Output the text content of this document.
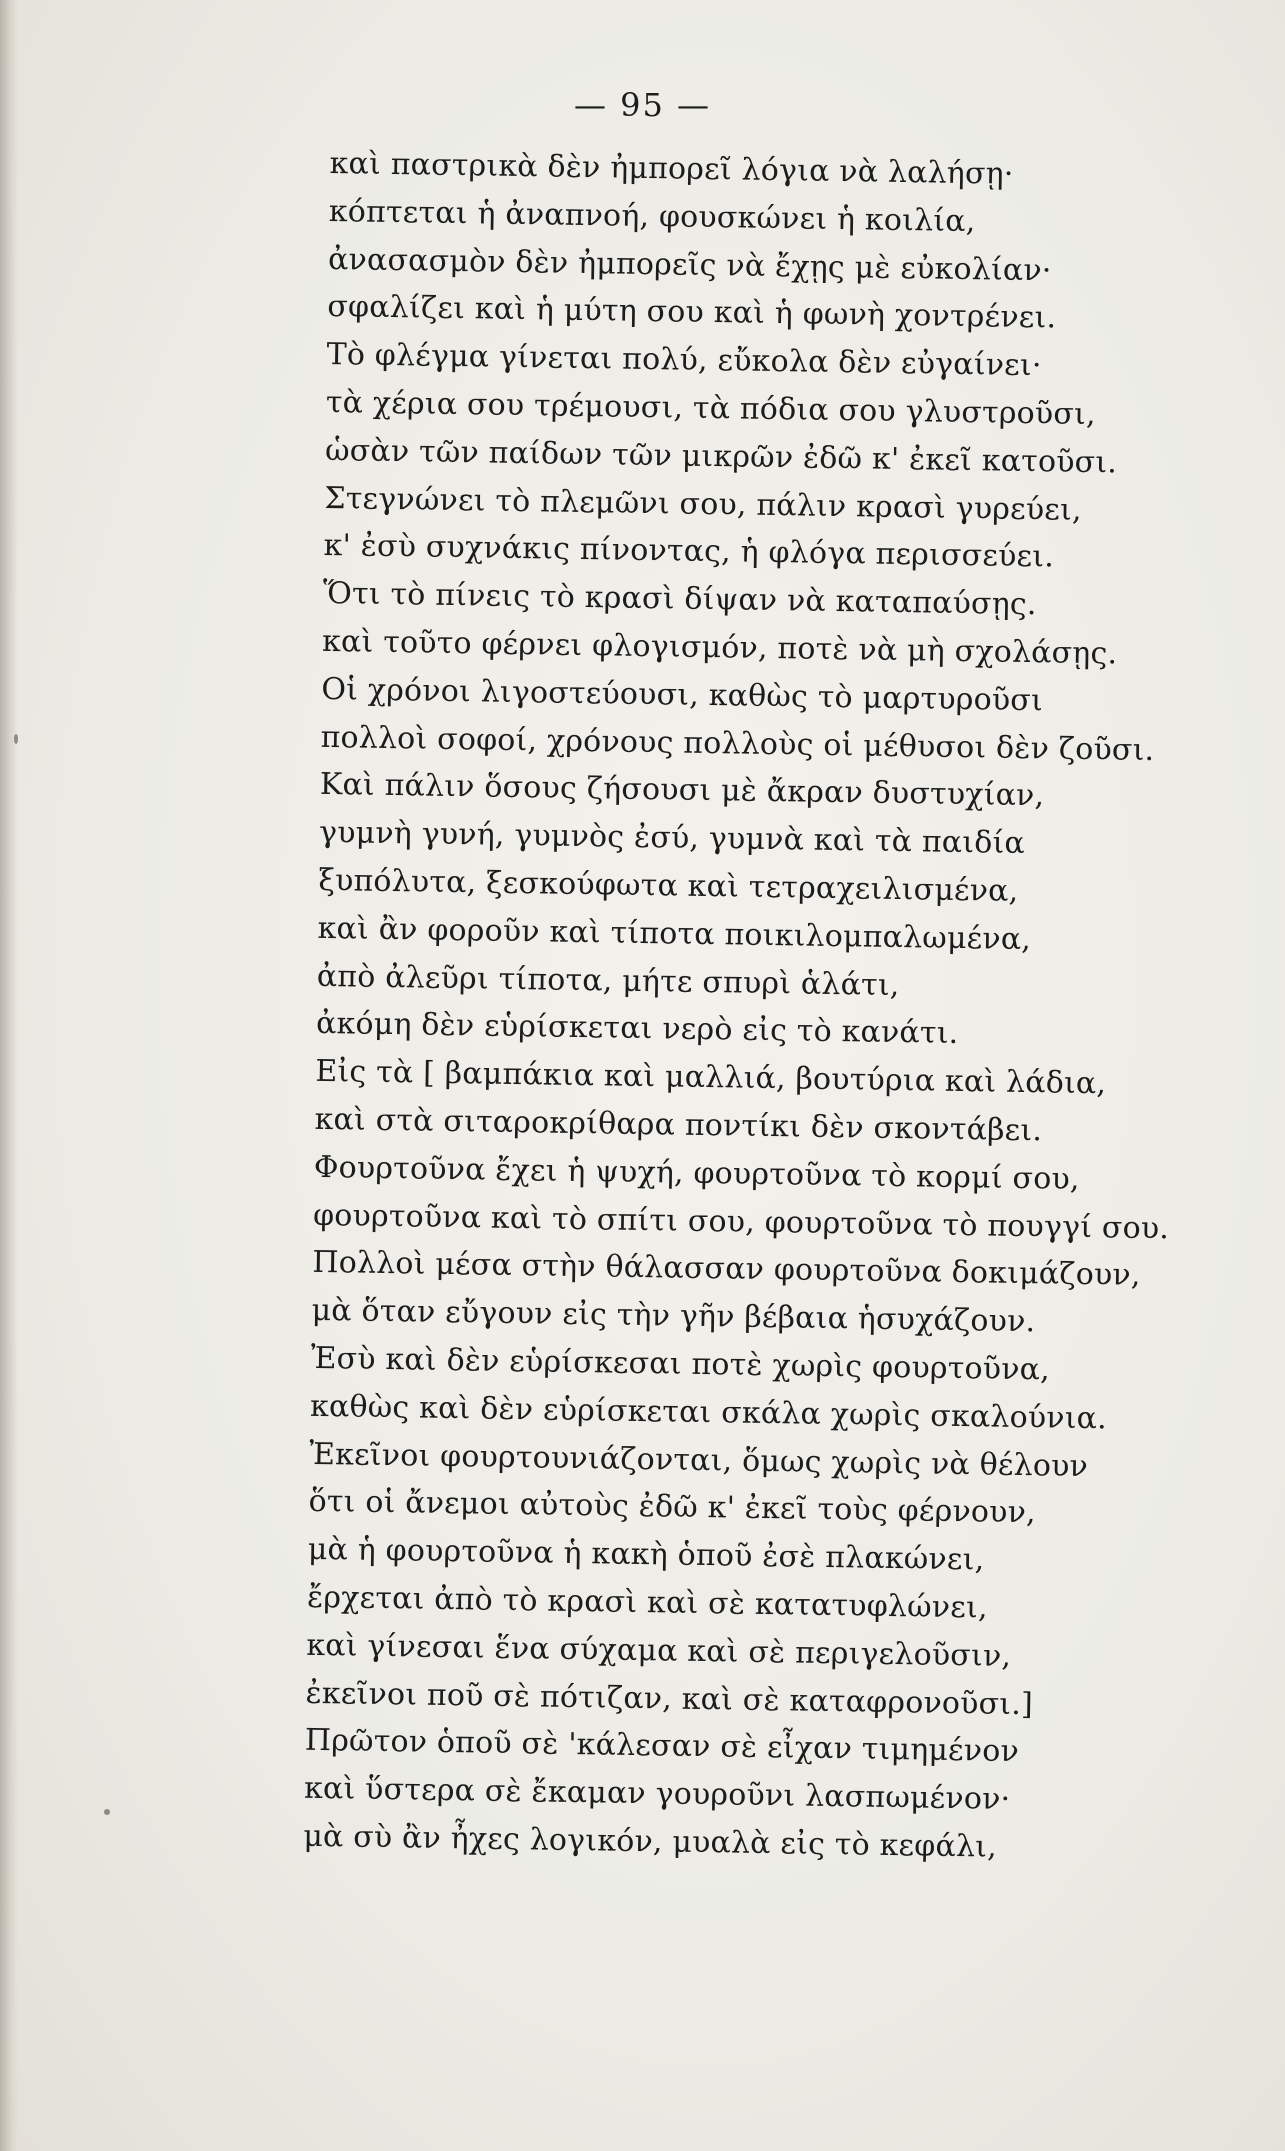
— 95 —
καὶ παστρικὰ δὲν ἠμπορεῖ λόγια νὰ λαλήσῃ·
κόπτεται ἡ ἀναπνοή, φουσκώνει ἡ κοιλία,
ἀνασασμὸν δὲν ἠμπορεῖς νὰ ἔχῃς μὲ εὐκολίαν·
σφαλίζει καὶ ἡ μύτη σου καὶ ἡ φωνὴ χοντρένει.
Τὸ φλέγμα γίνεται πολύ, εὔκολα δὲν εὐγαίνει·
τὰ χέρια σου τρέμουσι, τὰ πόδια σου γλυστροῦσι,
ὡσὰν τῶν παίδων τῶν μικρῶν ἐδῶ κ' ἐκεῖ κατοῦσι.
Στεγνώνει τὸ πλεμῶνι σου, πάλιν κρασὶ γυρεύει,
κ' ἐσὺ συχνάκις πίνοντας, ἡ φλόγα περισσεύει.
Ὅτι τὸ πίνεις τὸ κρασὶ δίψαν νὰ καταπαύσῃς.
καὶ τοῦτο φέρνει φλογισμόν, ποτὲ νὰ μὴ σχολάσῃς.
Οἱ χρόνοι λιγοστεύουσι, καθὼς τὸ μαρτυροῦσι
πολλοὶ σοφοί, χρόνους πολλοὺς οἱ μέθυσοι δὲν ζοῦσι.
Καὶ πάλιν ὅσους ζήσουσι μὲ ἄκραν δυστυχίαν,
γυμνὴ γυνή, γυμνὸς ἐσύ, γυμνὰ καὶ τὰ παιδία
ξυπόλυτα, ξεσκούφωτα καὶ τετραχειλισμένα,
καὶ ἂν φοροῦν καὶ τίποτα ποικιλομπαλωμένα,
ἀπὸ ἀλεῦρι τίποτα, μήτε σπυρὶ ἁλάτι,
ἀκόμη δὲν εὑρίσκεται νερὸ εἰς τὸ κανάτι.
Εἰς τὰ [ βαμπάκια καὶ μαλλιά, βουτύρια καὶ λάδια,
καὶ στὰ σιταροκρίθαρα ποντίκι δὲν σκοντάβει.
Φουρτοῦνα ἔχει ἡ ψυχή, φουρτοῦνα τὸ κορμί σου,
φουρτοῦνα καὶ τὸ σπίτι σου, φουρτοῦνα τὸ πουγγί σου.
Πολλοὶ μέσα στὴν θάλασσαν φουρτοῦνα δοκιμάζουν,
μὰ ὅταν εὔγουν εἰς τὴν γῆν βέβαια ἡσυχάζουν.
Ἐσὺ καὶ δὲν εὑρίσκεσαι ποτὲ χωρὶς φουρτοῦνα,
καθὼς καὶ δὲν εὑρίσκεται σκάλα χωρὶς σκαλούνια.
Ἐκεῖνοι φουρτουνιάζονται, ὅμως χωρὶς νὰ θέλουν
ὅτι οἱ ἄνεμοι αὐτοὺς ἐδῶ κ' ἐκεῖ τοὺς φέρνουν,
μὰ ἡ φουρτοῦνα ἡ κακὴ ὁποῦ ἐσὲ πλακώνει,
ἔρχεται ἀπὸ τὸ κρασὶ καὶ σὲ κατατυφλώνει,
καὶ γίνεσαι ἕνα σύχαμα καὶ σὲ περιγελοῦσιν,
ἐκεῖνοι ποῦ σὲ πότιζαν, καὶ σὲ καταφρονοῦσι.]
Πρῶτον ὁποῦ σὲ 'κάλεσαν σὲ εἶχαν τιμημένον
καὶ ὕστερα σὲ ἔκαμαν γουροῦνι λασπωμένον·
μὰ σὺ ἂν ἦχες λογικόν, μυαλὰ εἰς τὸ κεφάλι,
